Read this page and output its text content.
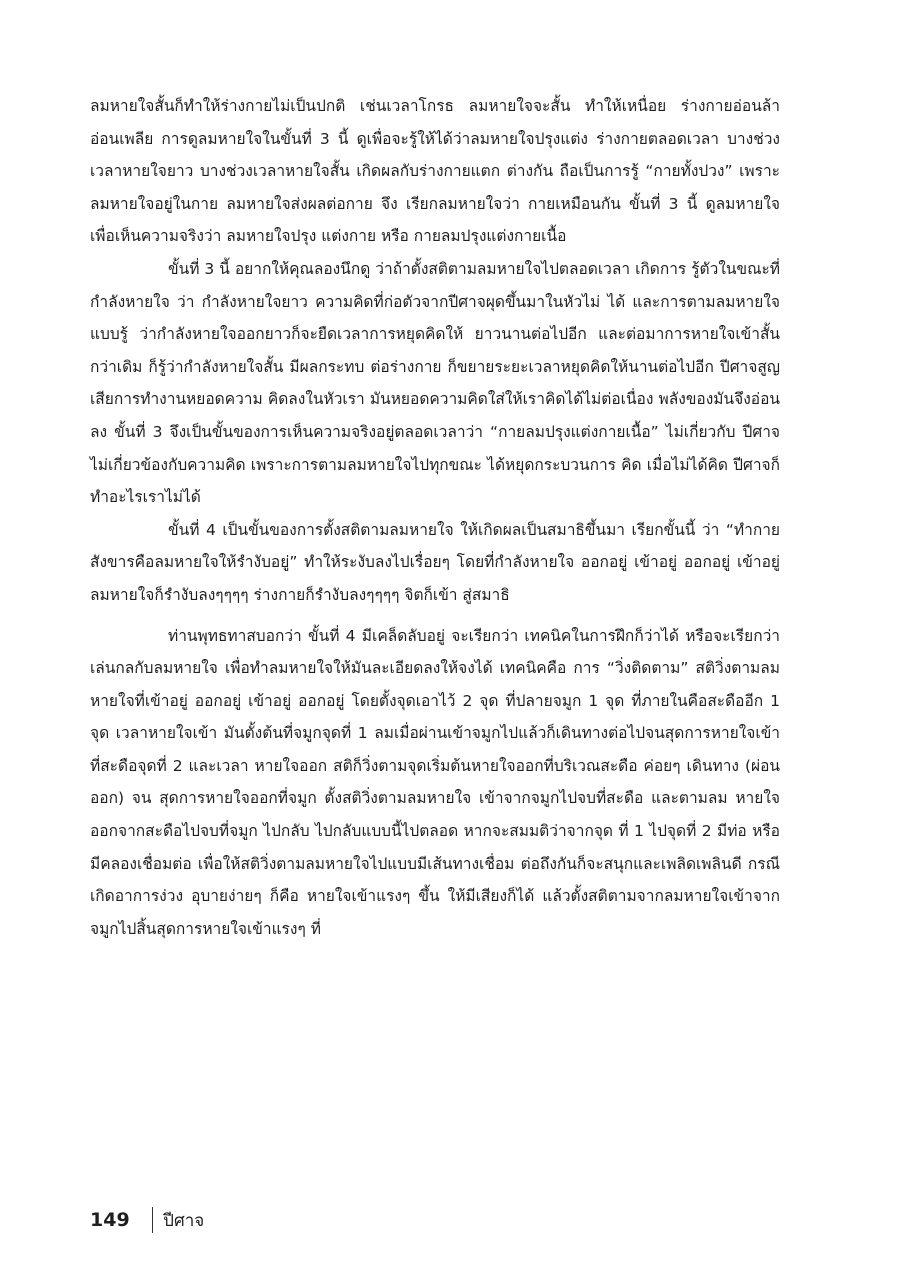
ลมหายใจสั้นก็ทำให้ร่างกายไม่เป็นปกติ เช่นเวลาโกรธ ลมหายใจจะสั้น ทำให้เหนื่อย ร่างกายอ่อนล้าอ่อนเพลีย การดูลมหายใจในขั้นที่ 3 นี้ ดูเพื่อจะรู้ให้ได้ว่าลมหายใจปรุงแต่ง ร่างกายตลอดเวลา บางช่วงเวลาหายใจยาว บางช่วงเวลาหายใจสั้น เกิดผลกับร่างกายแตก ต่างกัน ถือเป็นการรู้ “กายทั้งปวง” เพราะลมหายใจอยู่ในกาย ลมหายใจส่งผลต่อกาย จึง เรียกลมหายใจว่า กายเหมือนกัน ขั้นที่ 3 นี้ ดูลมหายใจ เพื่อเห็นความจริงว่า ลมหายใจปรุง แต่งกาย หรือ กายลมปรุงแต่งกายเนื้อ

ขั้นที่ 3 นี้ อยากให้คุณลองนึกดู ว่าถ้าตั้งสติตามลมหายใจไปตลอดเวลา เกิดการ รู้ตัวในขณะที่กำลังหายใจ ว่า กำลังหายใจยาว ความคิดที่ก่อตัวจากปีศาจผุดขึ้นมาในหัวไม่ ได้ และการตามลมหายใจแบบรู้ ว่ากำลังหายใจออกยาวก็จะยืดเวลาการหยุดคิดให้ ยาวนานต่อไปอีก และต่อมาการหายใจเข้าสั้นกว่าเดิม ก็รู้ว่ากำลังหายใจสั้น มีผลกระทบ ต่อร่างกาย ก็ขยายระยะเวลาหยุดคิดให้นานต่อไปอีก ปีศาจสูญเสียการทำงานหยอดความ คิดลงในหัวเรา มันหยอดความคิดใส่ให้เราคิดได้ไม่ต่อเนื่อง พลังของมันจึงอ่อนลง ขั้นที่ 3 จึงเป็นขั้นของการเห็นความจริงอยู่ตลอดเวลาว่า “กายลมปรุงแต่งกายเนื้อ” ไม่เกี่ยวกับ ปีศาจ ไม่เกี่ยวข้องกับความคิด เพราะการตามลมหายใจไปทุกขณะ ได้หยุดกระบวนการ คิด เมื่อไม่ได้คิด ปีศาจก็ทำอะไรเราไม่ได้

ขั้นที่ 4 เป็นขั้นของการตั้งสติตามลมหายใจ ให้เกิดผลเป็นสมาธิขึ้นมา เรียกขั้นนี้ ว่า “ทำกายสังขารคือลมหายใจให้รำงับอยู่” ทำให้ระงับลงไปเรื่อยๆ โดยที่กำลังหายใจ ออกอยู่ เข้าอยู่ ออกอยู่ เข้าอยู่ ลมหายใจก็รำงับลงๆๆๆๆ ร่างกายก็รำงับลงๆๆๆๆ จิตก็เข้า สู่สมาธิ

ท่านพุทธทาสบอกว่า ขั้นที่ 4 มีเคล็ดลับอยู่ จะเรียกว่า เทคนิคในการฝึกก็ว่าได้ หรือจะเรียกว่า เล่นกลกับลมหายใจ เพื่อทำลมหายใจให้มันละเอียดลงให้จงได้ เทคนิคคือ การ “วิ่งติดตาม” สติวิ่งตามลมหายใจที่เข้าอยู่ ออกอยู่ เข้าอยู่ ออกอยู่ โดยตั้งจุดเอาไว้ 2 จุด ที่ปลายจมูก 1 จุด ที่ภายในคือสะดืออีก 1 จุด เวลาหายใจเข้า มันตั้งต้นที่จมูกจุดที่ 1 ลมเมื่อผ่านเข้าจมูกไปแล้วก็เดินทางต่อไปจนสุดการหายใจเข้าที่สะดือจุดที่ 2 และเวลา หายใจออก สติก็วิ่งตามจุดเริ่มต้นหายใจออกที่บริเวณสะดือ ค่อยๆ เดินทาง (ผ่อนออก) จน สุดการหายใจออกที่จมูก ตั้งสติวิ่งตามลมหายใจ เข้าจากจมูกไปจบที่สะดือ และตามลม หายใจออกจากสะดือไปจบที่จมูก ไปกลับ ไปกลับแบบนี้ไปตลอด หากจะสมมติว่าจากจุด ที่ 1 ไปจุดที่ 2 มีท่อ หรือมีคลองเชื่อมต่อ เพื่อให้สติวิ่งตามลมหายใจไปแบบมีเส้นทางเชื่อม ต่อถึงกันก็จะสนุกและเพลิดเพลินดี กรณีเกิดอาการง่วง อุบายง่ายๆ ก็คือ หายใจเข้าแรงๆ ขึ้น ให้มีเสียงก็ได้ แล้วตั้งสติตามจากลมหายใจเข้าจากจมูกไปสิ้นสุดการหายใจเข้าแรงๆ ที่

149 ปีศาจ
